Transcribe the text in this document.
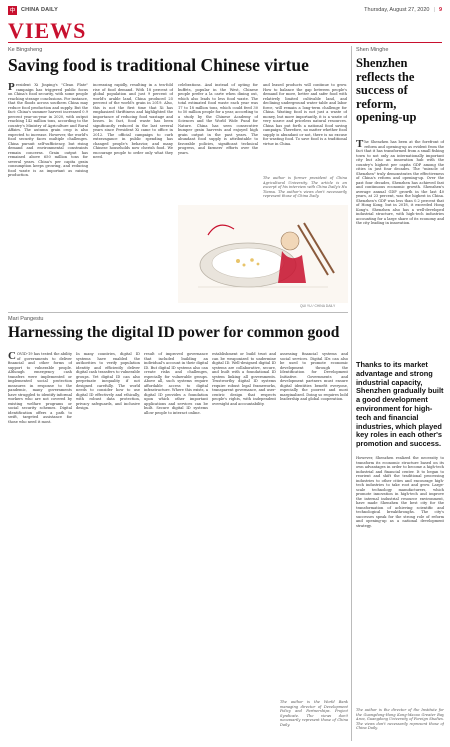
中	CHINA DAILY	Thursday, August 27, 2020 | 9
VIEWS
Ke Bingsheng
Saving food is traditional Chinese virtue
President Xi Jinping's "Clean Plate" campaign has triggered public focus on China's food security, with some people reaching strange conclusions. For instance, that the floods across southern China may reduce food production and supply. But the fact: China's summer harvest increased 0.9 percent year-on-year in 2020, with output reaching 142 million tons, according to the country's Ministry of Agriculture and Rural Affairs. The autumn grain crop is also expected to increase. However, the world's food security faces multiple challenges. China pursuit self-sufficiency, but rising demand and environmental constraints remain concerns. Grain output has remained above 650 million tons for several years. China's per capita grain consumption keeps growing, and reducing food waste is as important as raising production.
increasing rapidly, resulting in a ten-fold rise of food demand. With 18 percent of global population and just 9 percent of world's arable land, China produced 25 percent of the world's grain in 2019. Also, this is not the first time that Xi has emphasized thriftiness and highlighted the importance of reducing food wastage and losses. In fact, food waste has been significantly reduced in the last several years since President Xi came to office in 2012. The official campaign to curb extravagance in public spending has changed people's behavior, and many Chinese households now cherish food. We encourage people to order only what they need.
celebrations. And instead of opting for buffets, popular in the West, Chinese people prefer a la carte when dining out, which also leads to less food waste. The total estimated food waste each year was 17 to 18 million tons, which could feed 30 to 50 million people for a year, according to a study by the Chinese Academy of Sciences and the World Wide Fund for Nature. China has seen consecutive bumper grain harvests and enjoyed high grain output in the past years. The abundant food supply is attributable to favorable policies, significant technical progress, and farmers' efforts over the years.
and leased products will continue to grow. How to balance the gap between people's demand for more, better and safer food with relatively limited cultivable land, and declining underground water table and labor force, will remain a long-term challenge for China. Wasting food is not just a waste of money, but more importantly, it is a waste of very scarce and priceless natural resources. China has put forth a national food saving campaign. Therefore, no matter whether food supply is abundant or not, there is no excuse for wasting food. To save food is a traditional virtue in China.
The author is former president of China Agricultural University. The article is an excerpt of his interview with China Daily's Hu Tiansu. The author's views don't necessarily represent those of China Daily.
QUI YU / CHINA DAILY
Mari Pangestu
Harnessing the digital ID power for common good
COVID-19 has tested the ability of governments to deliver financial and other forms of support to vulnerable people. Although emergency cash transfers were implemented or implemented social protection measures in response to the pandemic, many governments have struggled to identify informal workers who are not covered by existing welfare programs or social security schemes. Digital identification offers a path to swift, targeted assistance for those who need it most.
In many countries, digital ID systems have enabled the authorities to verify population identity and efficiently deliver digital cash transfers to vulnerable groups. Yet digital ID can also perpetuate inequality if not designed carefully. The world needs to consider how to use digital ID effectively and ethically, with robust data protection, privacy safeguards, and inclusive design.
result of improved governance that included building an individual's account in their digital ID. But digital ID systems also can create risks and challenges, especially for vulnerable groups. Above all, such systems require affordable access to digital infrastructure. Where this exists, a digital ID provides a foundation upon which other important applications and services can be built. Secure digital ID systems allow people to interact online.
establishment or build trust and can be weaponized to undermine digital ID. Well-designed digital ID systems are collaborative, secure, and built with a foundational ID system linking all governments. Trustworthy digital ID systems require robust legal frameworks, transparent governance, and user-centric design that respects people's rights, with independent oversight and accountability.
assessing financial systems and social services. Digital IDs can also be used to promote economic development through the Identification for Development Initiative. Governments and development partners must ensure digital identities benefit everyone, especially the poorest and most marginalized. Doing so requires bold leadership and global cooperation.
The author is the World Bank managing director of Development Policy and Partnerships. Project Syndicate. The views don't necessarily represent those of China Daily.
Shen Minghe
Shenzhen reflects the success of reform, opening-up
The Shenzhen has been at the forefront of reform and opening-up as evident from the fact that it has transformed from a small fishing town to not only an internationally important city but also an innovation hub with the country's highest per capita GDP among the cities in just four decades. The "miracle of Shenzhen" truly demonstrates the effectiveness of China's reform and opening-up. Over the past four decades, Shenzhen has achieved fast and continuous economic growth. Shenzhen's average annual GDP growth in the last 40 years, at 23 percent, was the highest in China. Shenzhen's GDP was less than 0.2 percent that of Hong Kong, but in 2018, it exceeded Hong Kong's. Shenzhen also has a well-developed industrial structure, with high-tech industries accounting for a large share of its economy and the city leading in innovation.
Thanks to its market advantage and strong industrial capacity, Shenzhen gradually built a good development environment for high-tech and financial industries, which played key roles in each other's promotion and success.
However, Shenzhen realized the necessity to transform its economic structure based on its own advantages in order to become a high-tech industrial and financial center. It to began to reorient and shift the traditional processing industries to other cities and encourage high-tech industries to take root and grow. Large-scale technology manufacturers, which promote innovation in high-tech and improve the internal industrial resource environment, have made Shenzhen the best city for the transformation of achieving scientific and technological breakthroughs. The city's successes speak for the strong role of reform and opening-up as a national development strategy.
The author is the director of the Institute for the Guangdong-Hong Kong-Macao Greater Bay Area, Guangdong University of Foreign Studies. The views don't necessarily represent those of China Daily.
